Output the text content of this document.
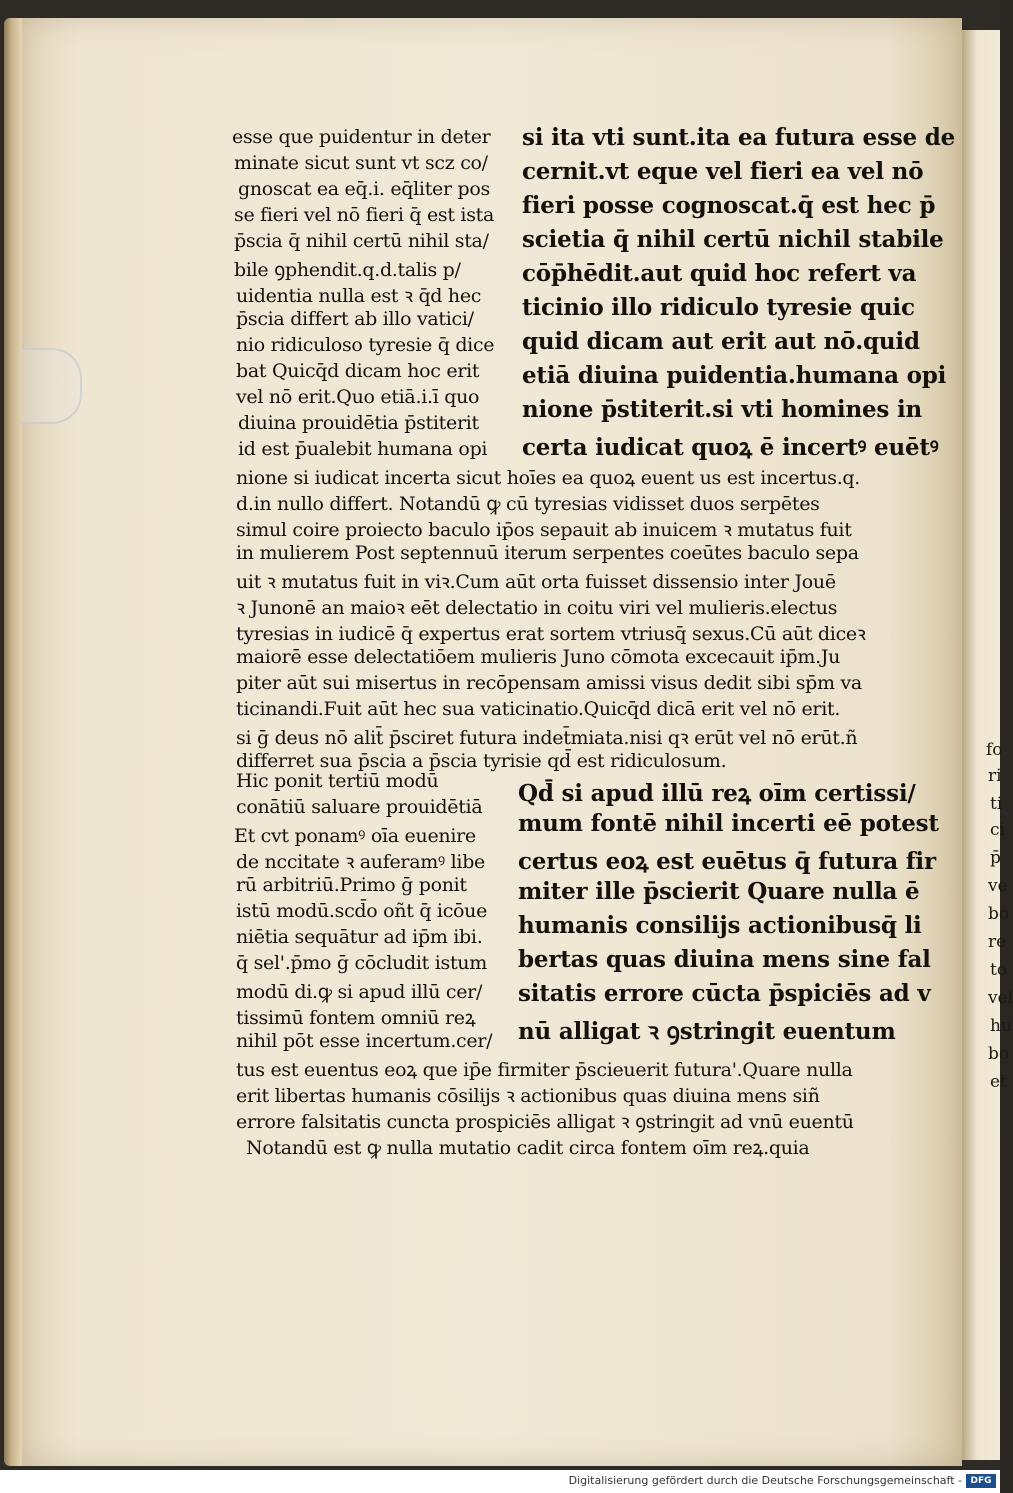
fo
ri
ti
ci
p̄
ve
bo
re
to
vel
hu
bo
et
esse que puidentur in deter
minate sicut sunt vt scz co/
gnoscat ea eq̄.i. eq̄liter pos
se fieri vel nō fieri q̄ est ista
p̄scia q̄ nihil certū nihil sta/
bile ꝯphendit.q.d.talis p/
uidentia nulla est ꝛ q̄d hec
p̄scia differt ab illo vatici/
nio ridiculoso tyresie q̄ dice
bat Quicq̄d dicam hoc erit
vel nō erit.Quo etiā.i.ī quo
diuina prouidētia p̄stiterit
id est p̄ualebit humana opi
nione si iudicat incerta sicut hoīes ea quoꝝ euent us est incertus.q.
d.in nullo differt. Notandū ꝙ cū tyresias vidisset duos serpētes
simul coire proiecto baculo ip̄os sepauit ab inuicem ꝛ mutatus fuit
in mulierem Post septennuū iterum serpentes coeūtes baculo sepa
uit ꝛ mutatus fuit in viꝛ.Cum aūt orta fuisset dissensio inter Jouē
ꝛ Junonē an maioꝛ eēt delectatio in coitu viri vel mulieris.electus
tyresias in iudicē q̄ expertus erat sortem vtriusq̄ sexus.Cū aūt diceꝛ
maiorē esse delectatiōem mulieris Juno cōmota excecauit ip̄m.Ju
piter aūt sui misertus in recōpensam amissi visus dedit sibi sp̄m va
ticinandi.Fuit aūt hec sua vaticinatio.Quicq̄d dicā erit vel nō erit.
si ḡ deus nō alit̄ p̄sciret futura indet̄miata.nisi qꝛ erūt vel nō erūt.ñ
differret sua p̄scia a p̄scia tyrisie qd̄ est ridiculosum.
Hic ponit tertiū modū
conātiū saluare prouidētiā
Et cvt ponamꝰ oīa euenire
de nccitate ꝛ auferamꝰ libe
rū arbitriū.Primo ḡ ponit
istū modū.scd̄o oñt q̄ icōue
niētia sequātur ad ip̄m ibi.
q̄ sel'.p̄mo ḡ cōcludit istum
modū di.ꝙ si apud illū cer/
tissimū fontem omniū reꝝ
nihil pōt esse incertum.cer/
tus est euentus eoꝝ que ip̄e firmiter p̄scieuerit futura'.Quare nulla
erit libertas humanis cōsilijs ꝛ actionibus quas diuina mens siñ
errore falsitatis cuncta prospiciēs alligat ꝛ ꝯstringit ad vnū euentū
Notandū est ꝙ nulla mutatio cadit circa fontem oīm reꝝ.quia
si ita vti sunt.ita ea futura esse de
cernit.vt eque vel fieri ea vel nō
fieri posse cognoscat.q̄ est hec p̄
scietia q̄ nihil certū nichil stabile
cōp̄hēdit.aut quid hoc refert va
ticinio illo ridiculo tyresie quic
quid dicam aut erit aut nō.quid
etiā diuina puidentia.humana opi
nione p̄stiterit.si vti homines in
certa iudicat quoꝝ ē incertꝰ euētꝰ
Qd̄ si apud illū reꝝ oīm certissi/
mum fontē nihil incerti eē potest
certus eoꝝ est euētus q̄ futura fir
miter ille p̄scierit Quare nulla ē
humanis consilijs actionibusq̄ li
bertas quas diuina mens sine fal
sitatis errore cūcta p̄spiciēs ad v
nū alligat ꝛ ꝯstringit euentum
Digitalisierung gefördert durch die Deutsche Forschungsgemeinschaft - DFG
